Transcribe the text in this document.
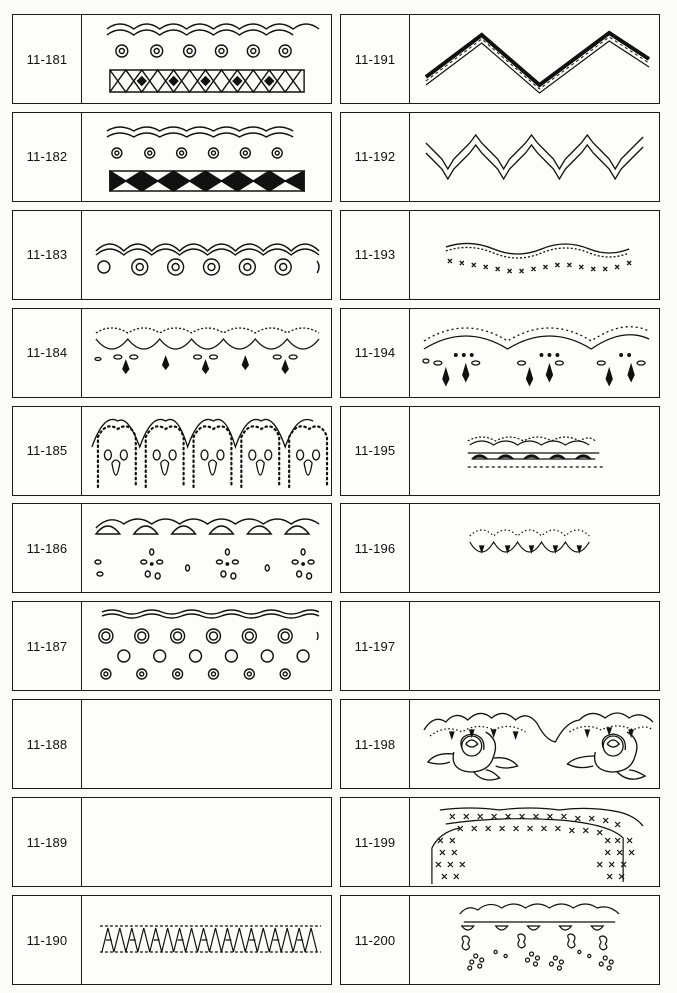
11-181
11-182
11-183
11-184
11-185
11-186
11-187
11-188
11-189
11-190
11-191
11-192
11-193
11-194
11-195
11-196
11-197
11-198
11-199
11-200
